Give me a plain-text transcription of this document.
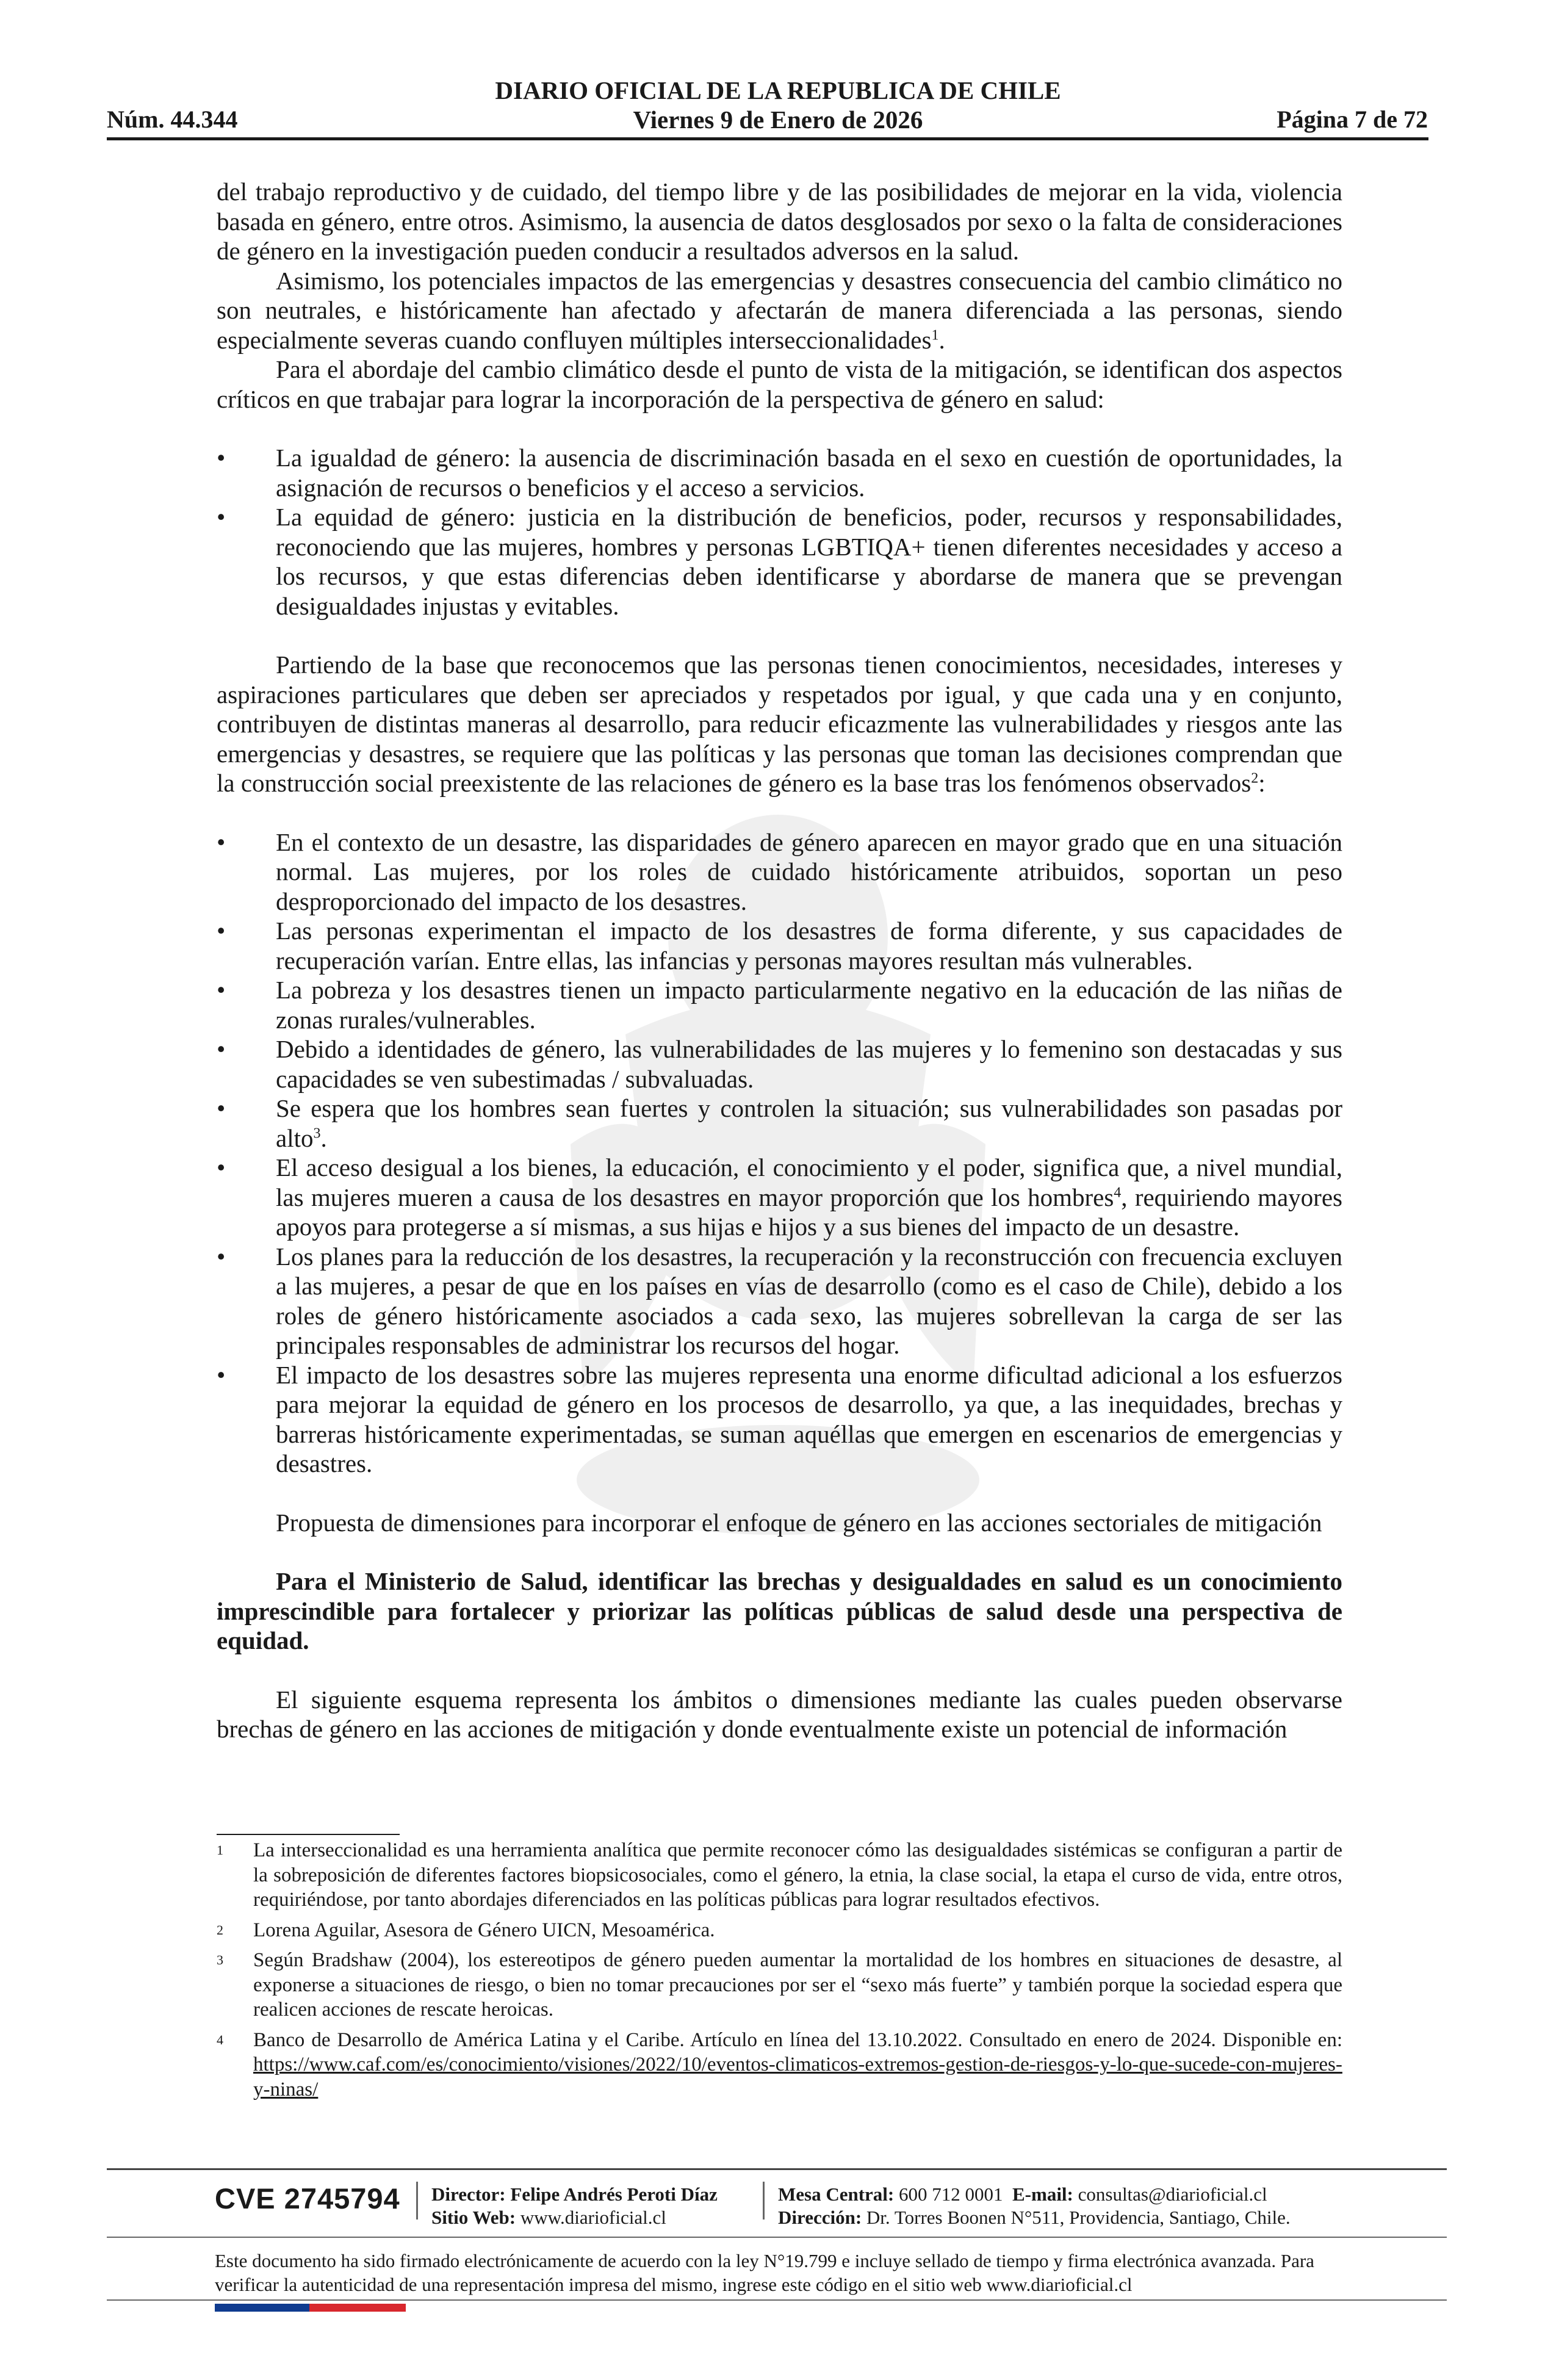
DIARIO OFICIAL DE LA REPUBLICA DE CHILE
Núm. 44.344	Viernes 9 de Enero de 2026	Página 7 de 72

del trabajo reproductivo y de cuidado, del tiempo libre y de las posibilidades de mejorar en la vida, violencia basada en género, entre otros. Asimismo, la ausencia de datos desglosados por sexo o la falta de consideraciones de género en la investigación pueden conducir a resultados adversos en la salud.

Asimismo, los potenciales impactos de las emergencias y desastres consecuencia del cambio climático no son neutrales, e históricamente han afectado y afectarán de manera diferenciada a las personas, siendo especialmente severas cuando confluyen múltiples interseccionalidades$^1$.

Para el abordaje del cambio climático desde el punto de vista de la mitigación, se identifican dos aspectos críticos en que trabajar para lograr la incorporación de la perspectiva de género en salud:

• La igualdad de género: la ausencia de discriminación basada en el sexo en cuestión de oportunidades, la asignación de recursos o beneficios y el acceso a servicios.
• La equidad de género: justicia en la distribución de beneficios, poder, recursos y responsabilidades, reconociendo que las mujeres, hombres y personas LGBTIQA+ tienen diferentes necesidades y acceso a los recursos, y que estas diferencias deben identificarse y abordarse de manera que se prevengan desigualdades injustas y evitables.

Partiendo de la base que reconocemos que las personas tienen conocimientos, necesidades, intereses y aspiraciones particulares que deben ser apreciados y respetados por igual, y que cada una y en conjunto, contribuyen de distintas maneras al desarrollo, para reducir eficazmente las vulnerabilidades y riesgos ante las emergencias y desastres, se requiere que las políticas y las personas que toman las decisiones comprendan que la construcción social preexistente de las relaciones de género es la base tras los fenómenos observados$^2$:

• En el contexto de un desastre, las disparidades de género aparecen en mayor grado que en una situación normal. Las mujeres, por los roles de cuidado históricamente atribuidos, soportan un peso desproporcionado del impacto de los desastres.
• Las personas experimentan el impacto de los desastres de forma diferente, y sus capacidades de recuperación varían. Entre ellas, las infancias y personas mayores resultan más vulnerables.
• La pobreza y los desastres tienen un impacto particularmente negativo en la educación de las niñas de zonas rurales/vulnerables.
• Debido a identidades de género, las vulnerabilidades de las mujeres y lo femenino son destacadas y sus capacidades se ven subestimadas / subvaluadas.
• Se espera que los hombres sean fuertes y controlen la situación; sus vulnerabilidades son pasadas por alto$^3$.
• El acceso desigual a los bienes, la educación, el conocimiento y el poder, significa que, a nivel mundial, las mujeres mueren a causa de los desastres en mayor proporción que los hombres$^4$, requiriendo mayores apoyos para protegerse a sí mismas, a sus hijas e hijos y a sus bienes del impacto de un desastre.
• Los planes para la reducción de los desastres, la recuperación y la reconstrucción con frecuencia excluyen a las mujeres, a pesar de que en los países en vías de desarrollo (como es el caso de Chile), debido a los roles de género históricamente asociados a cada sexo, las mujeres sobrellevan la carga de ser las principales responsables de administrar los recursos del hogar.
• El impacto de los desastres sobre las mujeres representa una enorme dificultad adicional a los esfuerzos para mejorar la equidad de género en los procesos de desarrollo, ya que, a las inequidades, brechas y barreras históricamente experimentadas, se suman aquéllas que emergen en escenarios de emergencias y desastres.

Propuesta de dimensiones para incorporar el enfoque de género en las acciones sectoriales de mitigación

Para el Ministerio de Salud, identificar las brechas y desigualdades en salud es un conocimiento imprescindible para fortalecer y priorizar las políticas públicas de salud desde una perspectiva de equidad.

El siguiente esquema representa los ámbitos o dimensiones mediante las cuales pueden observarse brechas de género en las acciones de mitigación y donde eventualmente existe un potencial de información

1 La interseccionalidad es una herramienta analítica que permite reconocer cómo las desigualdades sistémicas se configuran a partir de la sobreposición de diferentes factores biopsicosociales, como el género, la etnia, la clase social, la etapa el curso de vida, entre otros, requiriéndose, por tanto abordajes diferenciados en las políticas públicas para lograr resultados efectivos.
2 Lorena Aguilar, Asesora de Género UICN, Mesoamérica.
3 Según Bradshaw (2004), los estereotipos de género pueden aumentar la mortalidad de los hombres en situaciones de desastre, al exponerse a situaciones de riesgo, o bien no tomar precauciones por ser el “sexo más fuerte” y también porque la sociedad espera que realicen acciones de rescate heroicas.
4 Banco de Desarrollo de América Latina y el Caribe. Artículo en línea del 13.10.2022. Consultado en enero de 2024. Disponible en: https://www.caf.com/es/conocimiento/visiones/2022/10/eventos-climaticos-extremos-gestion-de-riesgos-y-lo-que-sucede-con-mujeres-y-ninas/
CVE 2745794 Director: Felipe Andrés Peroti Díaz
Sitio Web: www.diarioficial.cl
Mesa Central: 600 712 0001 E-mail: consultas@diarioficial.cl
Dirección: Dr. Torres Boonen N°511, Providencia, Santiago, Chile.
Este documento ha sido firmado electrónicamente de acuerdo con la ley N°19.799 e incluye sellado de tiempo y firma electrónica avanzada. Para verificar la autenticidad de una representación impresa del mismo, ingrese este código en el sitio web www.diarioficial.cl
